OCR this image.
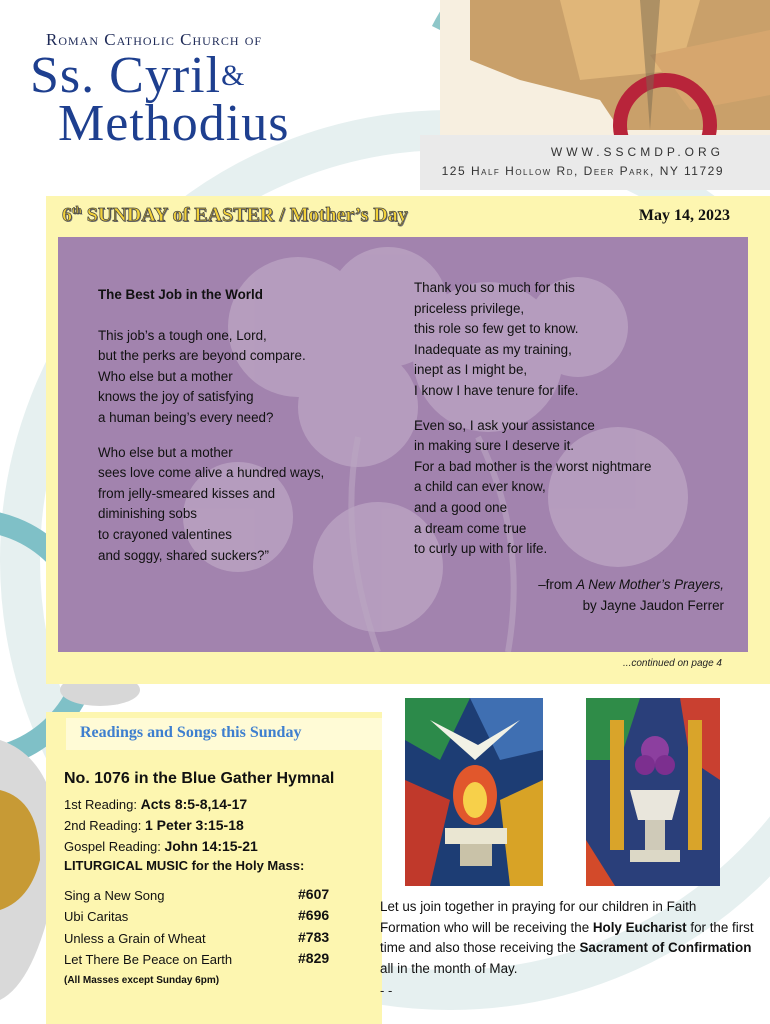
Roman Catholic Church of
Ss. Cyril&
Methodius	WWW.SSCMDP.ORG
125 Half Hollow Rd, Deer Park, NY 11729
6th SUNDAY of EASTER / Mother’s Day	May 14, 2023
The Best Job in the World
This job’s a tough one, Lord,
but the perks are beyond compare.
Who else but a mother
knows the joy of satisfying
a human being’s every need?
Who else but a mother
sees love come alive a hundred ways,
from jelly-smeared kisses and
diminishing sobs
to crayoned valentines
and soggy, shared suckers?”
Thank you so much for this
priceless privilege,
this role so few get to know.
Inadequate as my training,
inept as I might be,
I know I have tenure for life.
Even so, I ask your assistance
in making sure I deserve it.
For a bad mother is the worst nightmare
a child can ever know,
and a good one
a dream come true
to curly up with for life.
–from A New Mother’s Prayers,
by Jayne Jaudon Ferrer
...continued on page 4
Readings and Songs this Sunday
No. 1076 in the Blue Gather Hymnal
1st Reading: Acts 8:5-8,14-17
2nd Reading: 1 Peter 3:15-18
Gospel Reading: John 14:15-21
LITURGICAL MUSIC for the Holy Mass:
Sing a New Song	#607
Ubi Caritas	#696
Unless a Grain of Wheat	#783
Let There Be Peace on Earth	#829
(All Masses except Sunday 6pm)
Let us join together in praying for our children in Faith Formation who will be receiving the Holy Eucharist for the first time and also those receiving the Sacrament of Confirmation all in the month of May.
- -
